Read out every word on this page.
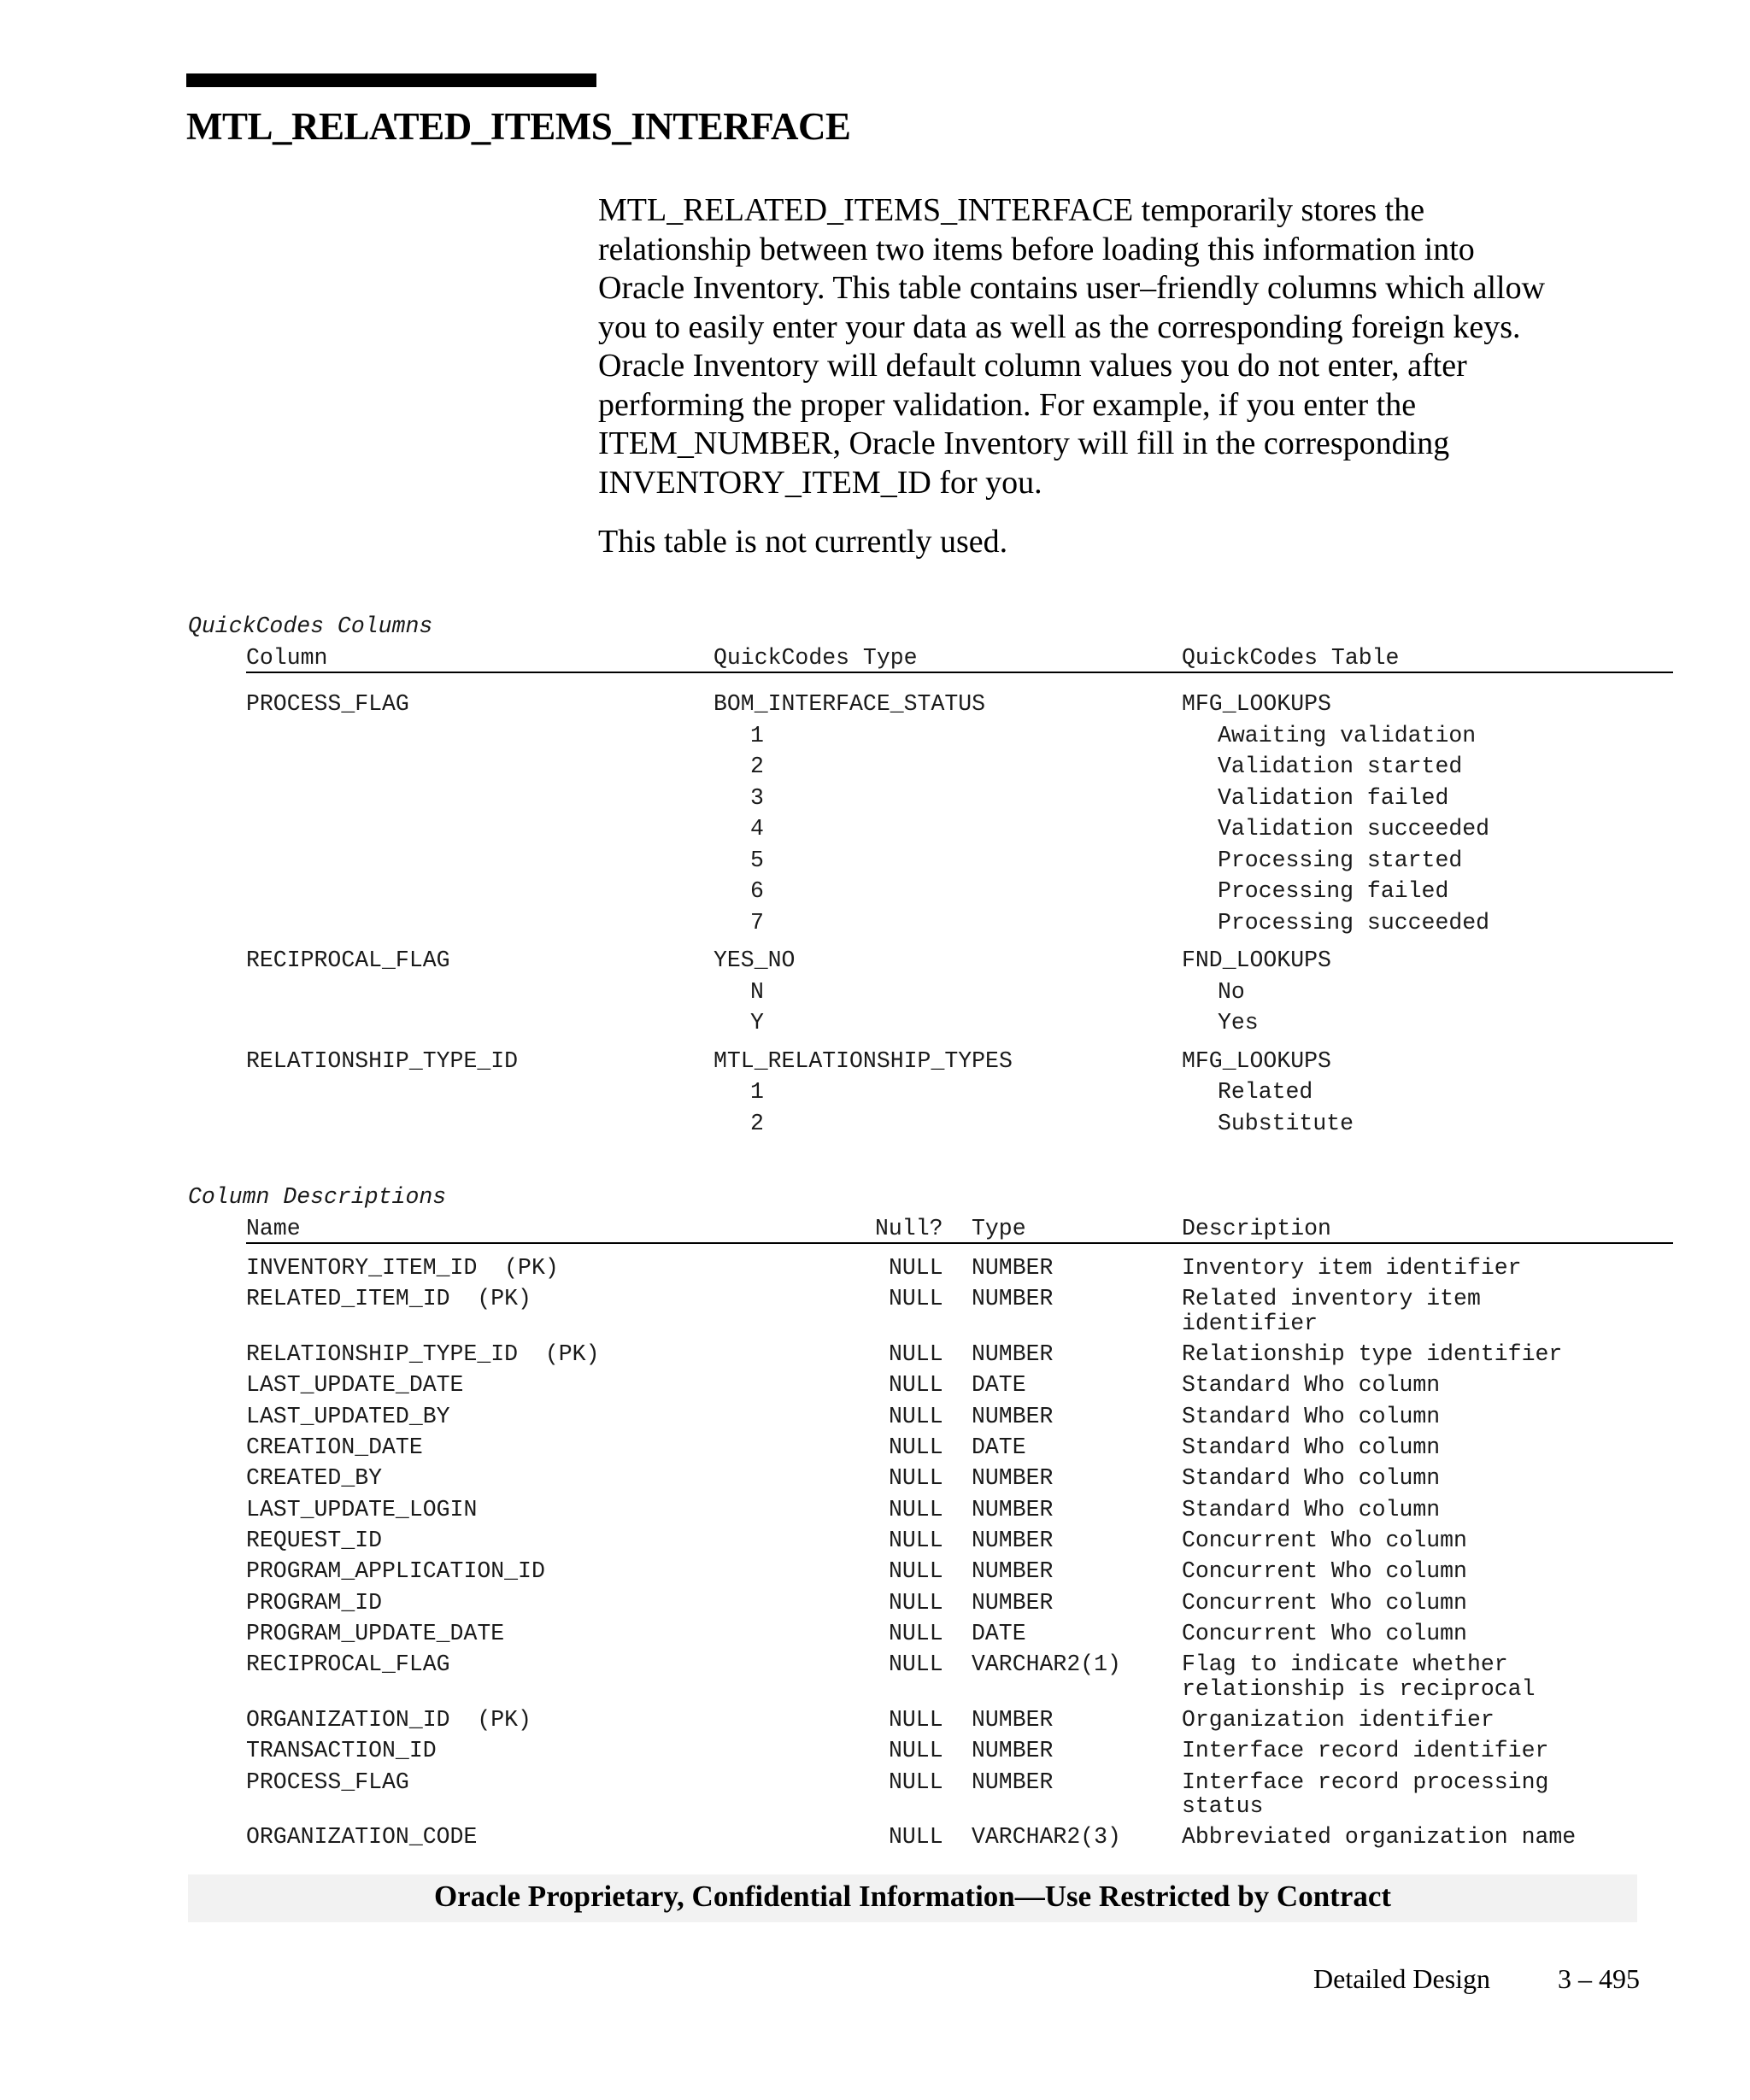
MTL_RELATED_ITEMS_INTERFACE

MTL_RELATED_ITEMS_INTERFACE temporarily stores the
relationship between two items before loading this information into
Oracle Inventory. This table contains user–friendly columns which allow
you to easily enter your data as well as the corresponding foreign keys.
Oracle Inventory will default column values you do not enter, after
performing the proper validation. For example, if you enter the
ITEM_NUMBER, Oracle Inventory will fill in the corresponding
INVENTORY_ITEM_ID for you.

This table is not currently used.

QuickCodes Columns
Column	QuickCodes Type	QuickCodes Table
PROCESS_FLAG	BOM_INTERFACE_STATUS	MFG_LOOKUPS
1	Awaiting validation
2	Validation started
3	Validation failed
4	Validation succeeded
5	Processing started
6	Processing failed
7	Processing succeeded
RECIPROCAL_FLAG	YES_NO	FND_LOOKUPS
N	No
Y	Yes
RELATIONSHIP_TYPE_ID	MTL_RELATIONSHIP_TYPES	MFG_LOOKUPS
1	Related
2	Substitute
Column Descriptions
Name	Null? Type	Description
INVENTORY_ITEM_ID  (PK)	NULL NUMBER	Inventory item identifier
RELATED_ITEM_ID  (PK)	NULL NUMBER	Related inventory item
identifier
RELATIONSHIP_TYPE_ID  (PK)	NULL NUMBER	Relationship type identifier
LAST_UPDATE_DATE	NULL DATE	Standard Who column
LAST_UPDATED_BY	NULL NUMBER	Standard Who column
CREATION_DATE	NULL DATE	Standard Who column
CREATED_BY	NULL NUMBER	Standard Who column
LAST_UPDATE_LOGIN	NULL NUMBER	Standard Who column
REQUEST_ID	NULL NUMBER	Concurrent Who column
PROGRAM_APPLICATION_ID	NULL NUMBER	Concurrent Who column
PROGRAM_ID	NULL NUMBER	Concurrent Who column
PROGRAM_UPDATE_DATE	NULL DATE	Concurrent Who column
RECIPROCAL_FLAG	NULL VARCHAR2(1)	Flag to indicate whether
relationship is reciprocal
ORGANIZATION_ID  (PK)	NULL NUMBER	Organization identifier
TRANSACTION_ID	NULL NUMBER	Interface record identifier
PROCESS_FLAG	NULL NUMBER	Interface record processing
status
ORGANIZATION_CODE	NULL VARCHAR2(3)	Abbreviated organization name
Oracle Proprietary, Confidential Information––Use Restricted by Contract
Detailed Design 3 – 495
